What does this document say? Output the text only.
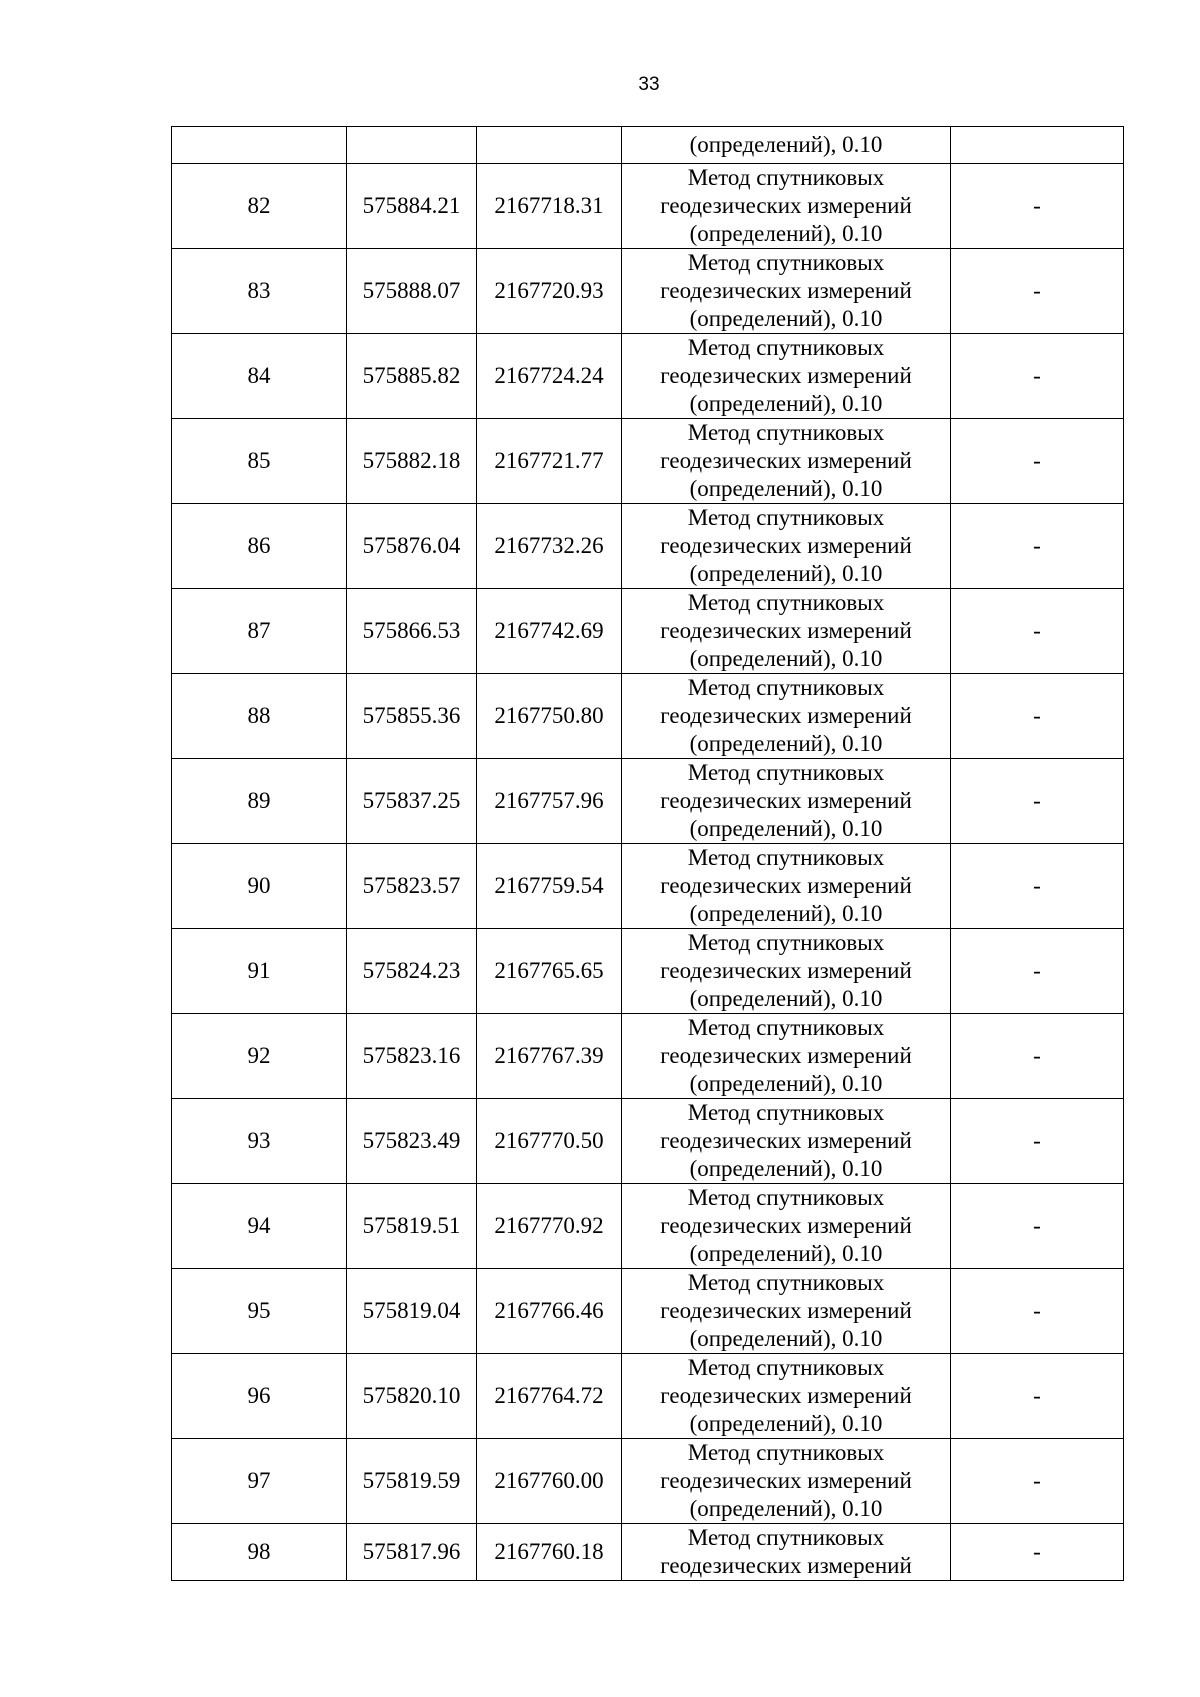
33
			(определений), 0.10	
82	575884.21	2167718.31	Метод спутниковых
геодезических измерений
(определений), 0.10	-
83	575888.07	2167720.93	Метод спутниковых
геодезических измерений
(определений), 0.10	-
84	575885.82	2167724.24	Метод спутниковых
геодезических измерений
(определений), 0.10	-
85	575882.18	2167721.77	Метод спутниковых
геодезических измерений
(определений), 0.10	-
86	575876.04	2167732.26	Метод спутниковых
геодезических измерений
(определений), 0.10	-
87	575866.53	2167742.69	Метод спутниковых
геодезических измерений
(определений), 0.10	-
88	575855.36	2167750.80	Метод спутниковых
геодезических измерений
(определений), 0.10	-
89	575837.25	2167757.96	Метод спутниковых
геодезических измерений
(определений), 0.10	-
90	575823.57	2167759.54	Метод спутниковых
геодезических измерений
(определений), 0.10	-
91	575824.23	2167765.65	Метод спутниковых
геодезических измерений
(определений), 0.10	-
92	575823.16	2167767.39	Метод спутниковых
геодезических измерений
(определений), 0.10	-
93	575823.49	2167770.50	Метод спутниковых
геодезических измерений
(определений), 0.10	-
94	575819.51	2167770.92	Метод спутниковых
геодезических измерений
(определений), 0.10	-
95	575819.04	2167766.46	Метод спутниковых
геодезических измерений
(определений), 0.10	-
96	575820.10	2167764.72	Метод спутниковых
геодезических измерений
(определений), 0.10	-
97	575819.59	2167760.00	Метод спутниковых
геодезических измерений
(определений), 0.10	-
98	575817.96	2167760.18	Метод спутниковых
геодезических измерений	-
